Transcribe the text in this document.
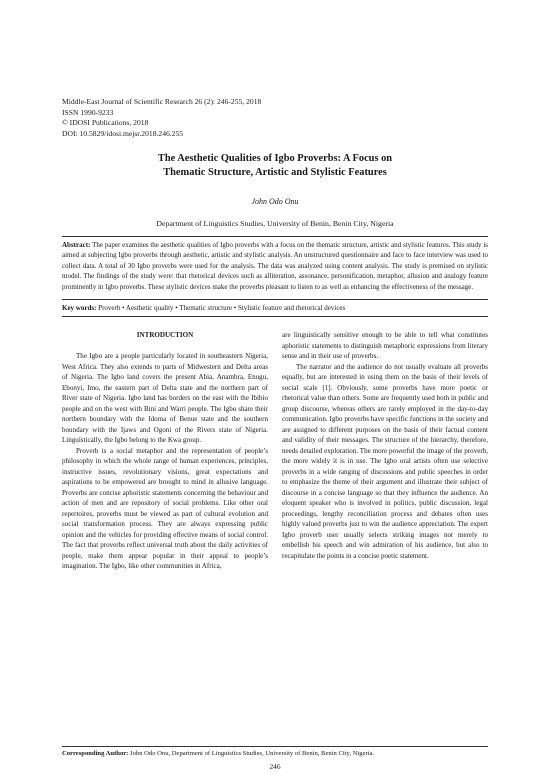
Middle-East Journal of Scientific Research 26 (2): 246-255, 2018
ISSN 1990-9233
© IDOSI Publications, 2018
DOI: 10.5829/idosi.mejsr.2018.246.255
The Aesthetic Qualities of Igbo Proverbs: A Focus on
Thematic Structure, Artistic and Stylistic Features
John Odo Onu
Department of Linguistics Studies, University of Benin, Benin City, Nigeria
Abstract: The paper examines the aesthetic qualities of Igbo proverbs with a focus on the thematic structure, artistic and stylistic features. This study is aimed at subjecting Igbo proverbs through aesthetic, artistic and stylistic analysis. An unstructured questionnaire and face to face interview was used to collect data. A total of 30 Igbo proverbs were used for the analysis. The data was analyzed using content analysis. The study is premised on stylistic model. The findings of the study were: that rhetorical devices such as alliteration, assonance, personification, metaphor, allusion and analogy feature prominently in Igbo proverbs. These stylistic devices make the proverbs pleasant to listen to as well as enhancing the effectiveness of the message.
Key words: Proverb • Aesthetic quality • Thematic structure • Stylistic feature and rhetorical devices
INTRODUCTION

The Igbo are a people particularly located in southeastern Nigeria, West Africa. They also extends to parts of Midwestern and Delta areas of Nigeria. The Igbo land covers the present Abia, Anambra, Enugu, Ebonyi, Imo, the eastern part of Delta state and the northern part of River state of Nigeria. Igbo land has borders on the east with the Ibibio people and on the west with Bini and Warri people. The Igbo share their northern boundary with the Idoma of Benue state and the southern boundary with the Ijaws and Ogoni of the Rivers state of Nigeria. Linguistically, the Igbo belong to the Kwa group.

Proverb is a social metaphor and the representation of people’s philosophy in which the whole range of human experiences, principles, instructive issues, revolutionary visions, great expectations and aspirations to be empowered are brought to mind in allusive language. Proverbs are concise aphoristic statements concerning the behaviour and action of men and are repository of social problems. Like other oral repertoires, proverbs must be viewed as part of cultural evolution and social transformation process. They are always expressing public opinion and the vehicles for providing effective means of social control. The fact that proverbs reflect universal truth about the daily activities of people, make them appear popular in their appeal to people’s imagination. The Igbo, like other communities in Africa,

are linguistically sensitive enough to be able to tell what constitutes aphoristic statements to distinguish metaphoric expressions from literary sense and in their use of proverbs.

The narrator and the audience do not usually evaluate all proverbs equally, but are interested in using them on the basis of their levels of social scale [1]. Obviously, some proverbs have more poetic or rhetorical value than others. Some are frequently used both in public and group discourse, whereas others are rarely employed in the day-to-day communication. Igbo proverbs have specific functions in the society and are assigned to different purposes on the basis of their factual content and validity of their messages. The structure of the hierarchy, therefore, needs detailed exploration. The more powerful the image of the proverb, the more widely it is in use. The Igbo oral artists often use selective proverbs in a wide ranging of discussions and public speeches in order to emphasize the theme of their argument and illustrate their subject of discourse in a concise language so that they influence the audience. An eloquent speaker who is involved in politics, public discussion, legal proceedings, lengthy reconciliation process and debates often uses highly valued proverbs just to win the audience appreciation. The expert Igbo proverb user usually selects striking images not merely to embellish his speech and win admiration of his audience, but also to recapitulate the points in a concise poetic statement.

Corresponding Author: John Odo Onu, Department of Linguistics Studies, University of Benin, Benin City, Nigeria.
246
